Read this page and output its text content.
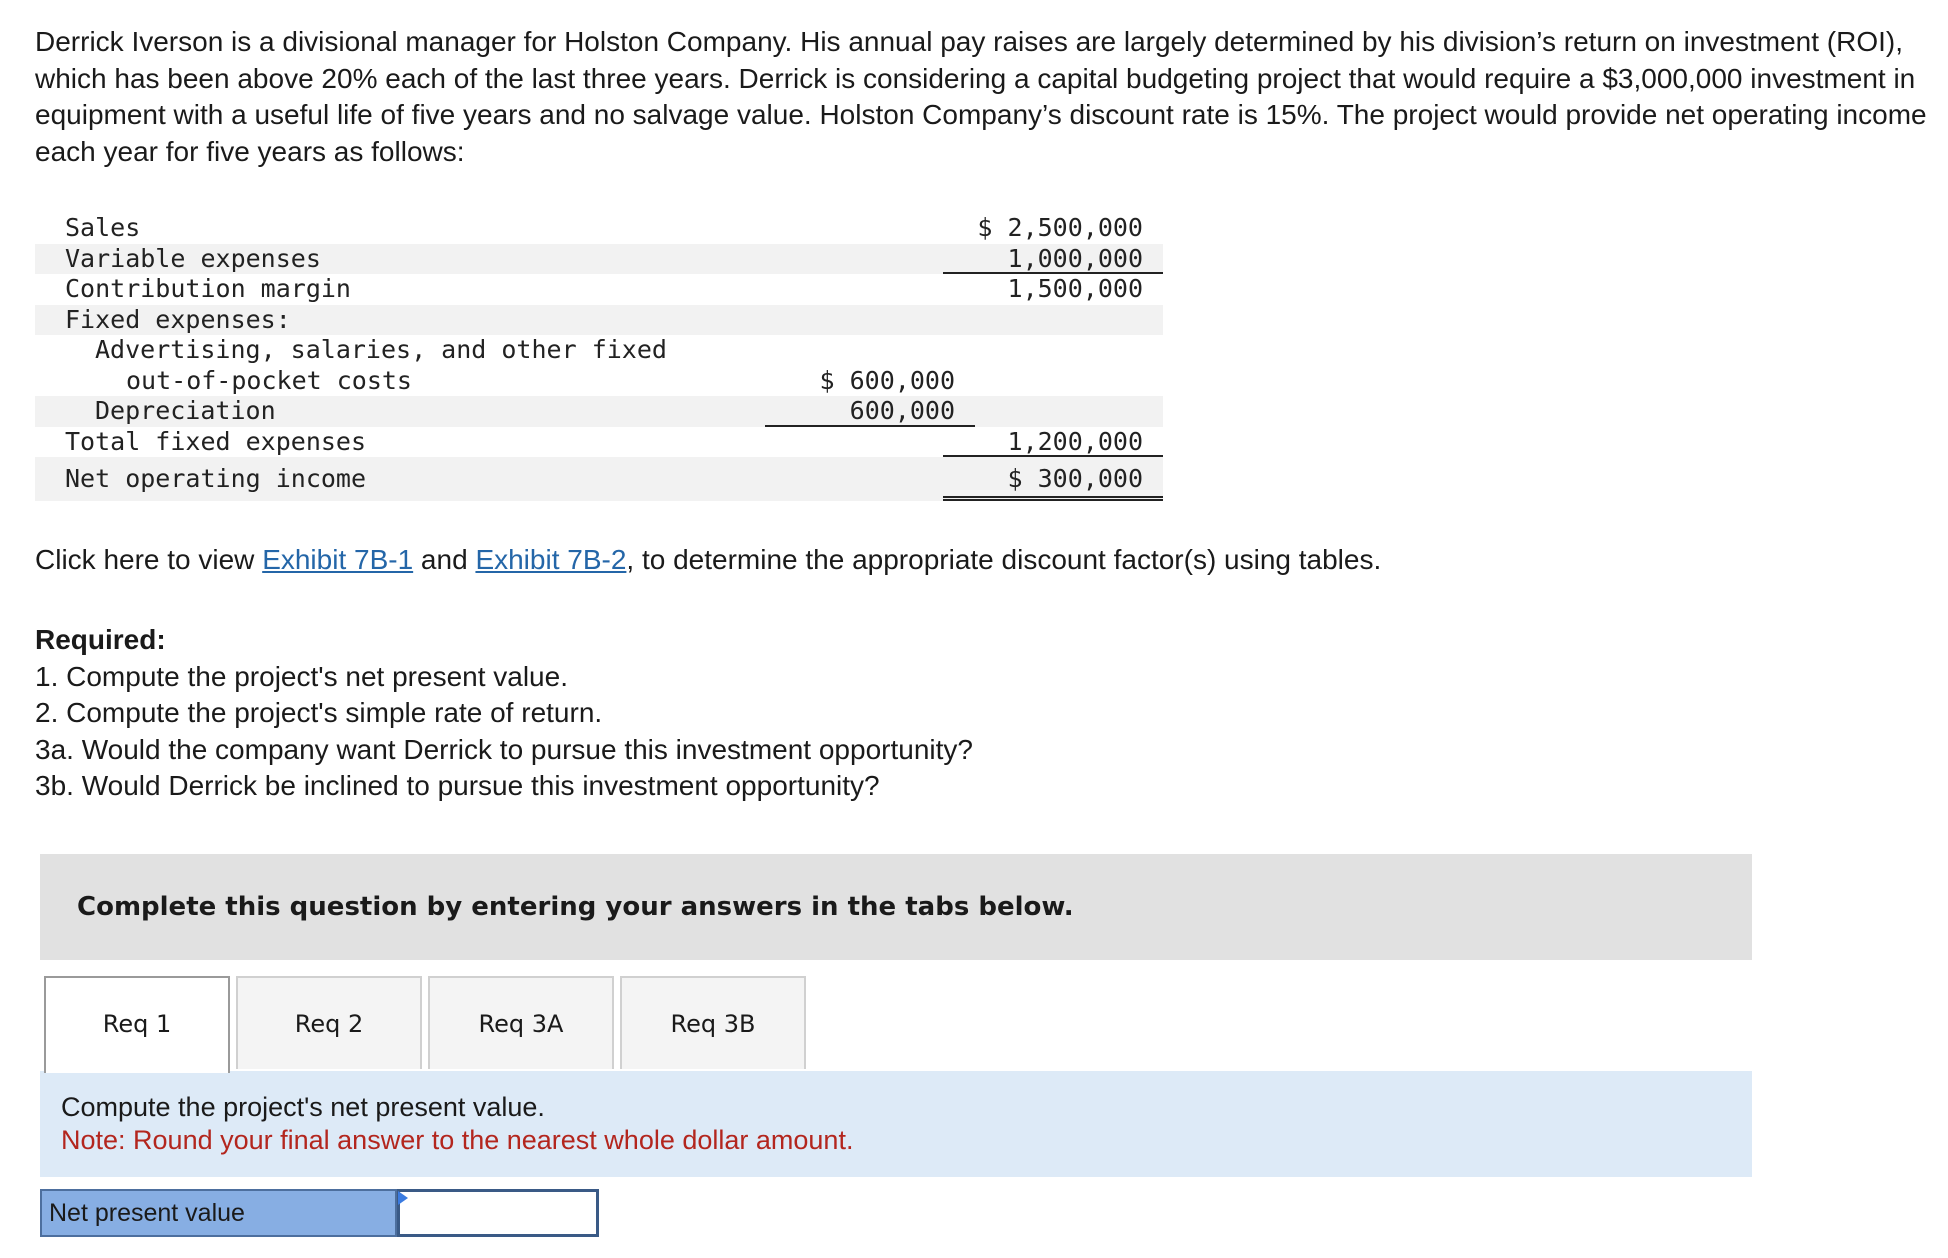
Derrick Iverson is a divisional manager for Holston Company. His annual pay raises are largely determined by his division’s return on investment (ROI), which has been above 20% each of the last three years. Derrick is considering a capital budgeting project that would require a $3,000,000 investment in equipment with a useful life of five years and no salvage value. Holston Company’s discount rate is 15%. The project would provide net operating income each year for five years as follows:

Sales	$ 2,500,000
Variable expenses	1,000,000
Contribution margin	1,500,000
Fixed expenses:
Advertising, salaries, and other fixed
out-of-pocket costs	$ 600,000
Depreciation	600,000
Total fixed expenses	1,200,000
Net operating income	$ 300,000

Click here to view Exhibit 7B-1 and Exhibit 7B-2, to determine the appropriate discount factor(s) using tables.

Required:
1. Compute the project's net present value.
2. Compute the project's simple rate of return.
3a. Would the company want Derrick to pursue this investment opportunity?
3b. Would Derrick be inclined to pursue this investment opportunity?
Complete this question by entering your answers in the tabs below.
Req 1	Req 2	Req 3A	Req 3B
Compute the project's net present value.
Note: Round your final answer to the nearest whole dollar amount.
Net present value
